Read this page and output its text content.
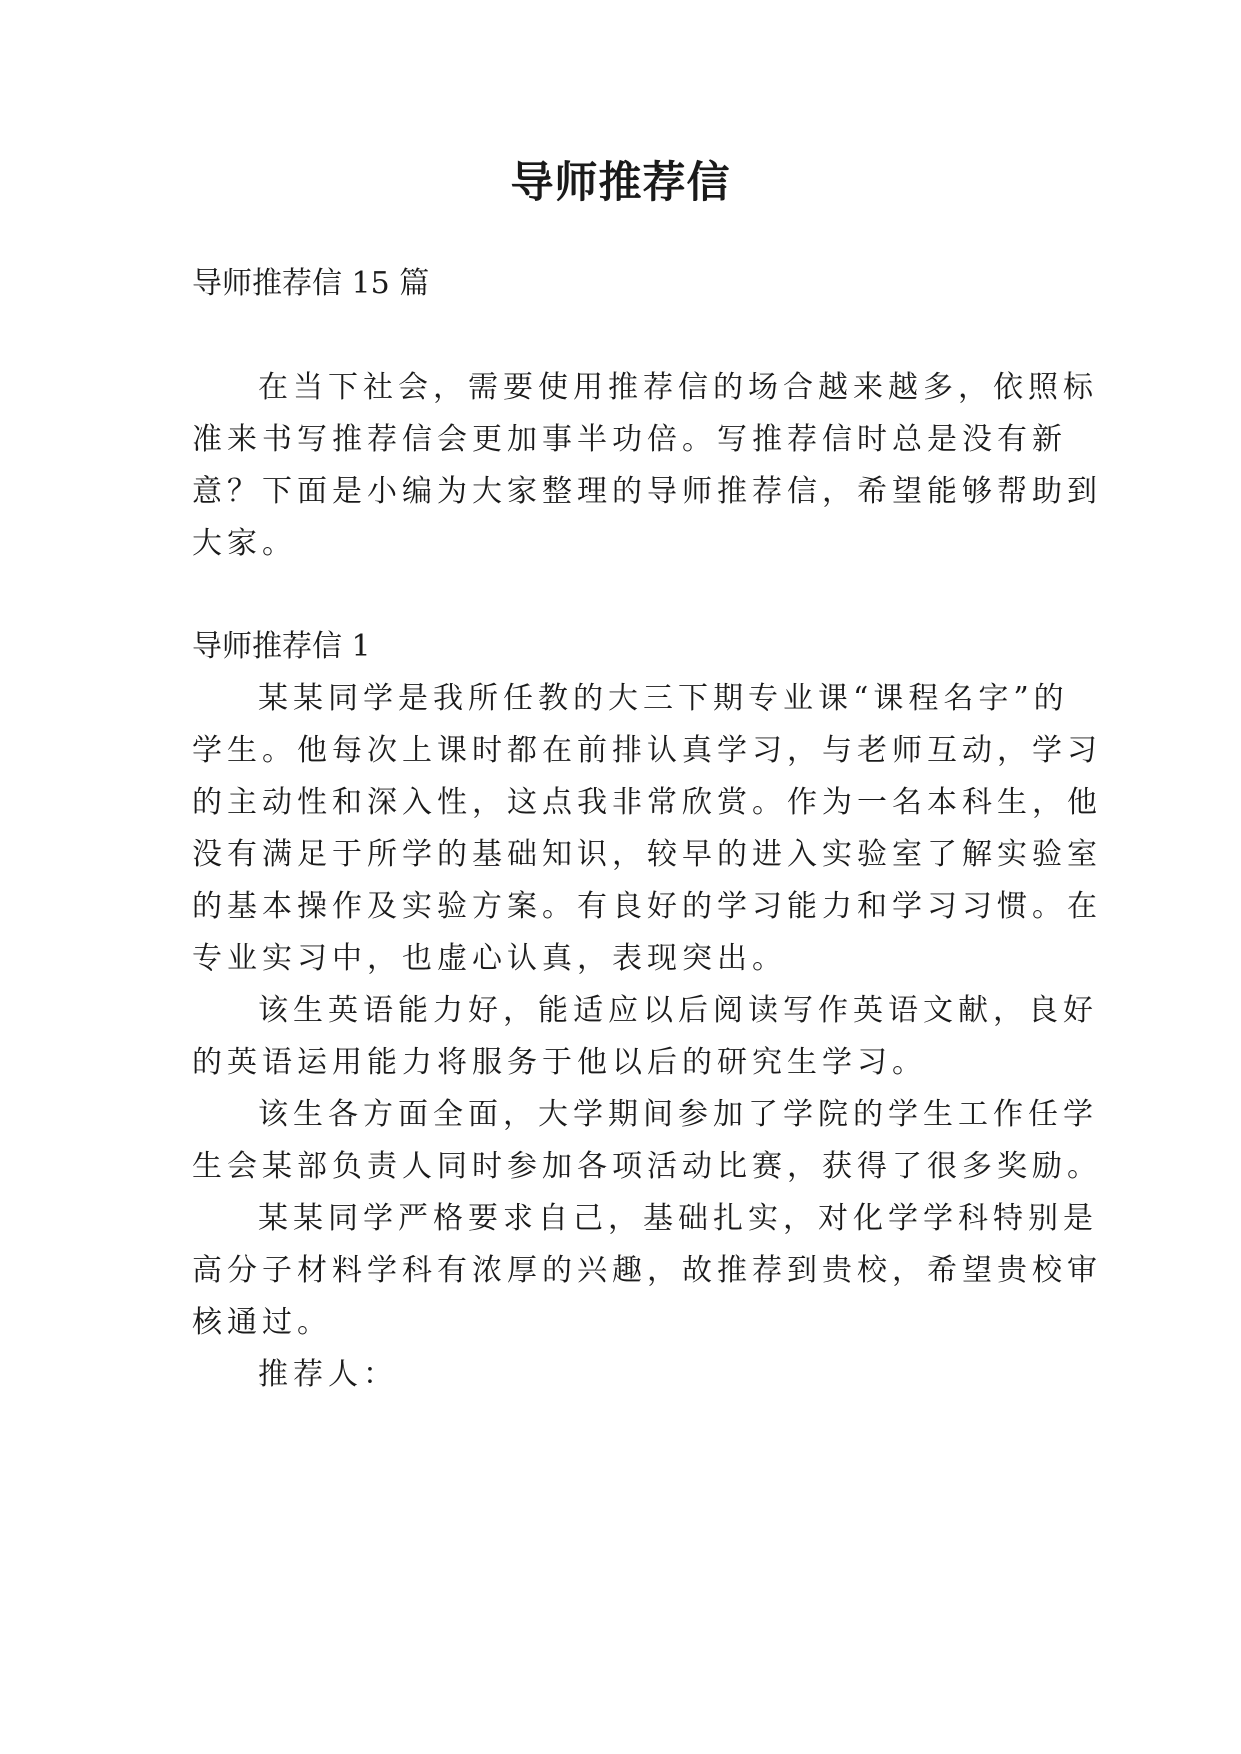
导师推荐信

导师推荐信 15 篇

在当下社会，需要使用推荐信的场合越来越多，依照标

准来书写推荐信会更加事半功倍。写推荐信时总是没有新

意？下面是小编为大家整理的导师推荐信，希望能够帮助到

大家。

导师推荐信 1

某某同学是我所任教的大三下期专业课“课程名字”的

学生。他每次上课时都在前排认真学习，与老师互动，学习

的主动性和深入性，这点我非常欣赏。作为一名本科生，他

没有满足于所学的基础知识，较早的进入实验室了解实验室

的基本操作及实验方案。有良好的学习能力和学习习惯。在

专业实习中，也虚心认真，表现突出。

该生英语能力好，能适应以后阅读写作英语文献，良好

的英语运用能力将服务于他以后的研究生学习。

该生各方面全面，大学期间参加了学院的学生工作任学

生会某部负责人同时参加各项活动比赛，获得了很多奖励。

某某同学严格要求自己，基础扎实，对化学学科特别是

高分子材料学科有浓厚的兴趣，故推荐到贵校，希望贵校审

核通过。

推荐人：
